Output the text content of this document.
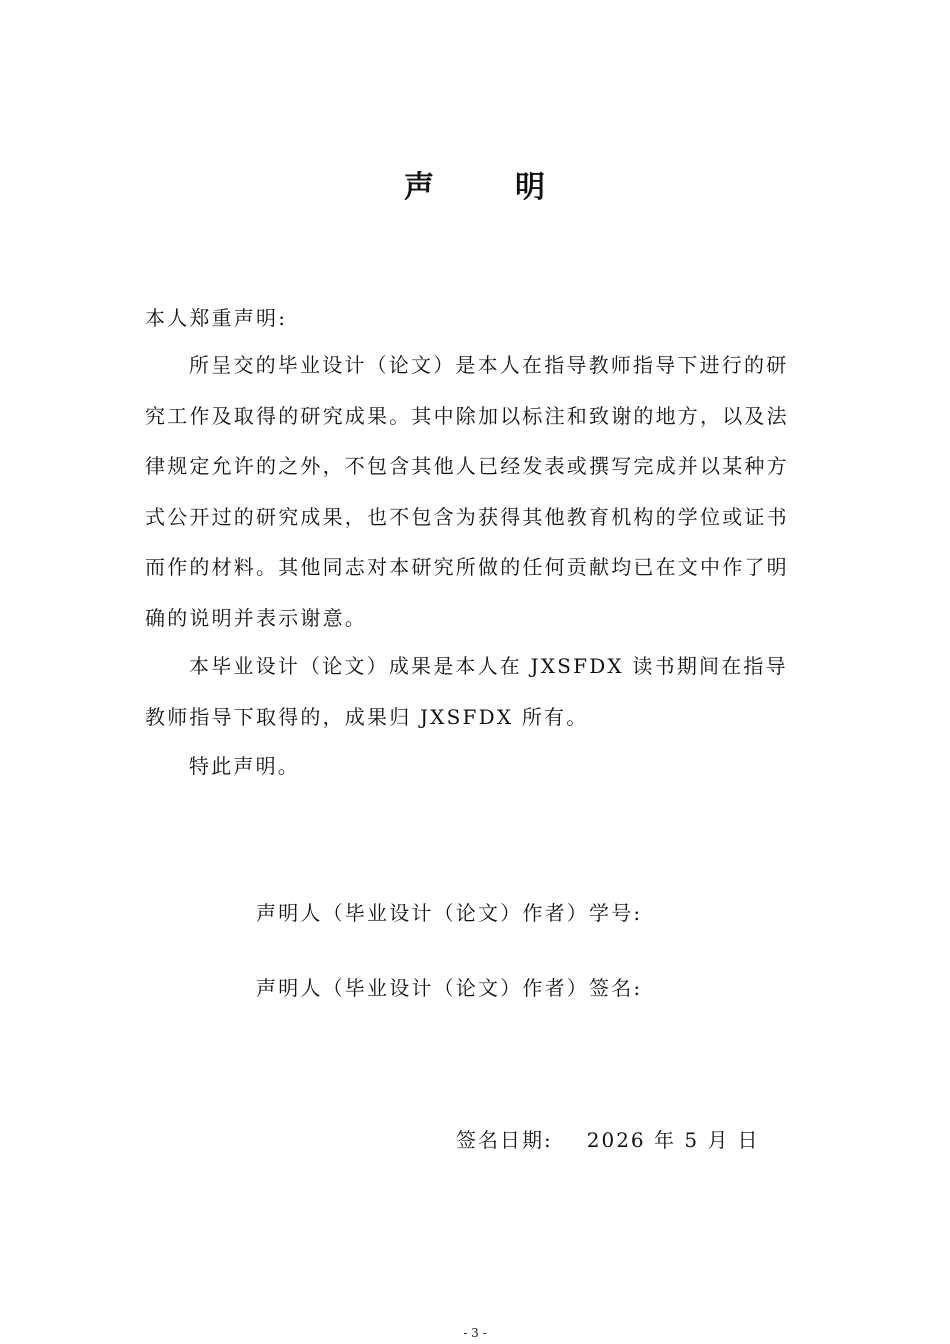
声	明
本人郑重声明:
所呈交的毕业设计（论文）是本人在指导教师指导下进行的研究工作及取得的研究成果。其中除加以标注和致谢的地方，以及法律规定允许的之外，不包含其他人已经发表或撰写完成并以某种方式公开过的研究成果，也不包含为获得其他教育机构的学位或证书而作的材料。其他同志对本研究所做的任何贡献均已在文中作了明确的说明并表示谢意。
本毕业设计（论文）成果是本人在 JXSFDX 读书期间在指导教师指导下取得的，成果归 JXSFDX 所有。
特此声明。
声明人（毕业设计（论文）作者）学号:
声明人（毕业设计（论文）作者）签名:
签名日期: 2026 年 5 月 日
- 3 -
